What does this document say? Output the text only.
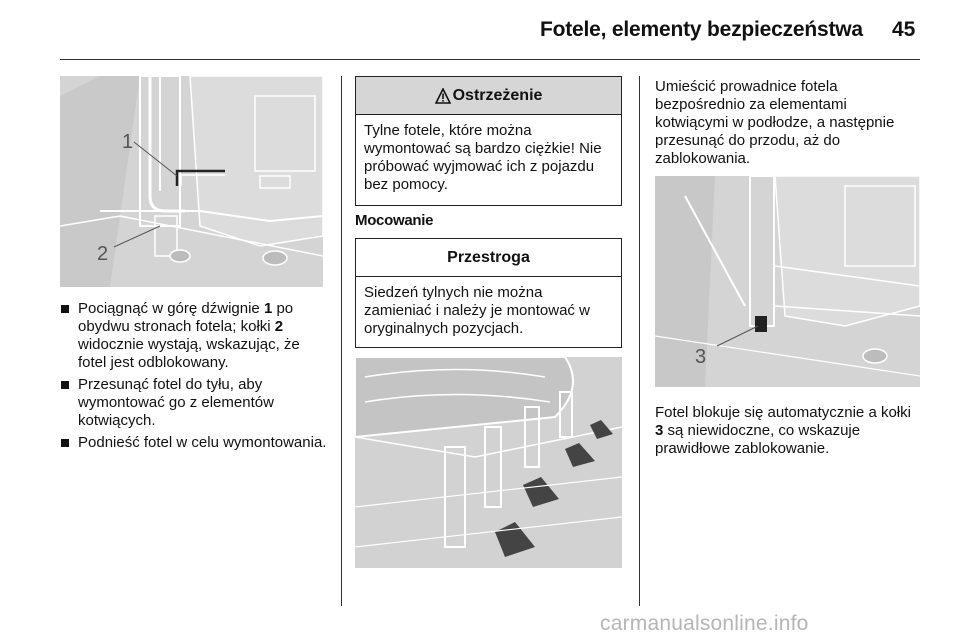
Fotele, elementy bezpieczeństwa 45
1
2
Pociągnąć w górę dźwignie 1 po obydwu stronach fotela; kołki 2 widocznie wystają, wskazując, że fotel jest odblokowany.
Przesunąć fotel do tyłu, aby wymontować go z elementów kotwiących.
Podnieść fotel w celu wymontowania.
Ostrzeżenie
Tylne fotele, które można wymontować są bardzo ciężkie! Nie próbować wyjmować ich z pojazdu bez pomocy.
Mocowanie
Przestroga
Siedzeń tylnych nie można zamieniać i należy je montować w oryginalnych pozycjach.
Umieścić prowadnice fotela bezpośrednio za elementami kotwiącymi w podłodze, a następnie przesunąć do przodu, aż do zablokowania.
3
Fotel blokuje się automatycznie a kołki 3 są niewidoczne, co wskazuje prawidłowe zablokowanie.
carmanualsonline.info
